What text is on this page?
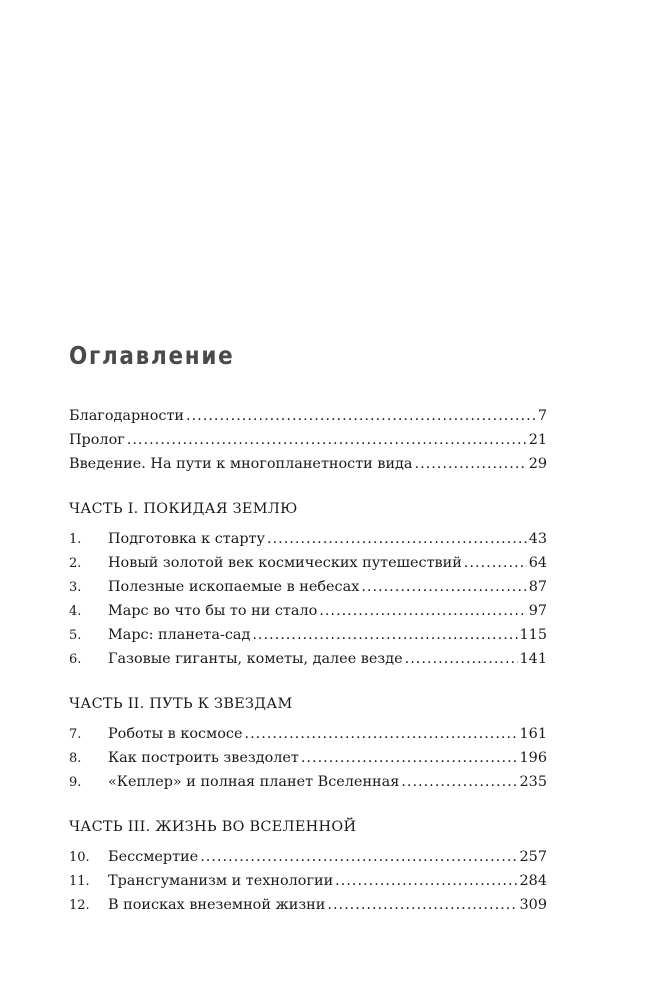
Оглавление
Благодарности .....	7
Пролог .....	21
Введение. На пути к многопланетности вида .....	29
ЧАСТЬ I. ПОКИДАЯ ЗЕМЛЮ
1.	Подготовка к старту .....	43
2.	Новый золотой век космических путешествий .....	64
3.	Полезные ископаемые в небесах .....	87
4.	Марс во что бы то ни стало .....	97
5.	Марс: планета-сад .....	115
6.	Газовые гиганты, кометы, далее везде .....	141
ЧАСТЬ II. ПУТЬ К ЗВЕЗДАМ
7.	Роботы в космосе .....	161
8.	Как построить звездолет .....	196
9.	«Кеплер» и полная планет Вселенная .....	235
ЧАСТЬ III. ЖИЗНЬ ВО ВСЕЛЕННОЙ
10.	Бессмертие .....	257
11.	Трансгуманизм и технологии .....	284
12.	В поисках внеземной жизни .....	309
